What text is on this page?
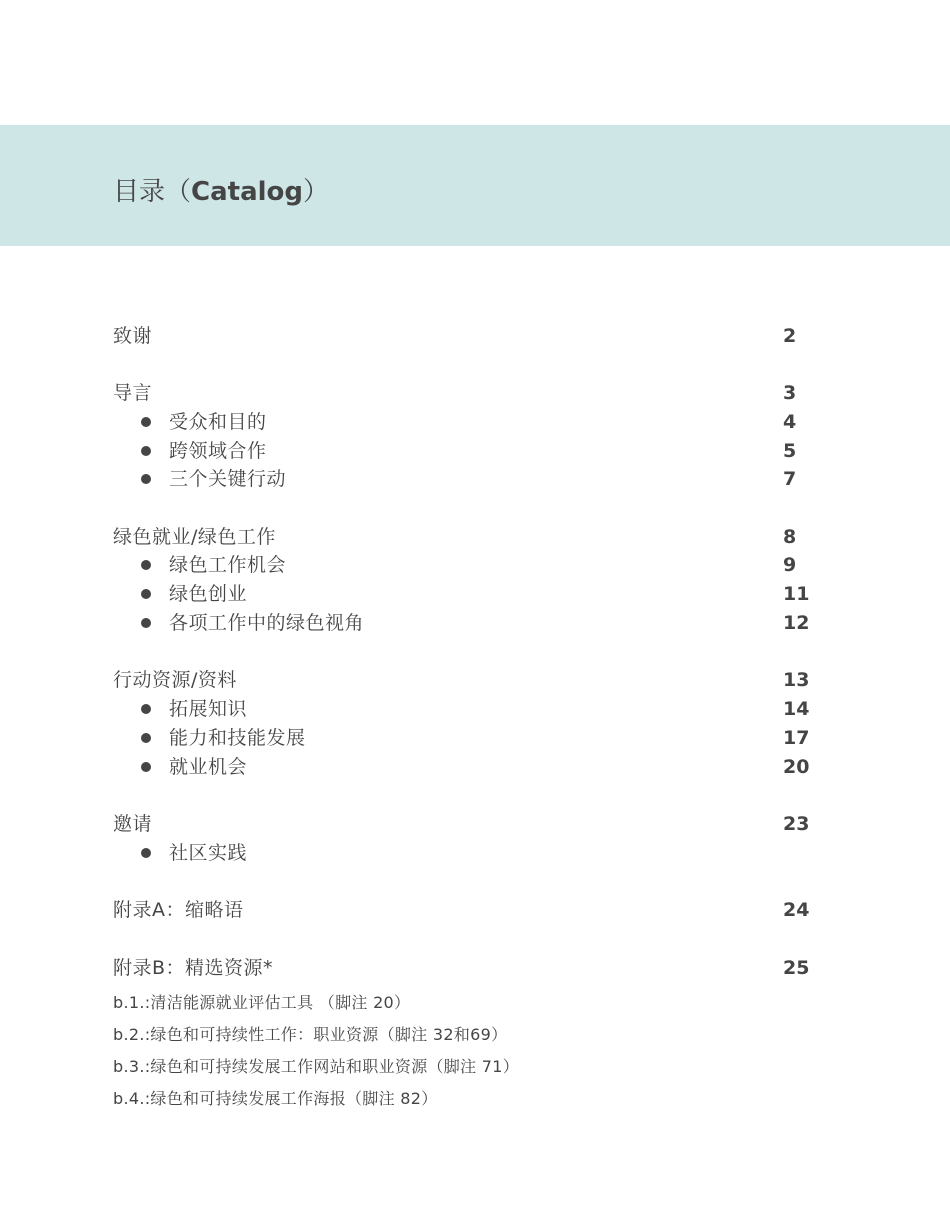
目录（Catalog）
致谢	2
导言	3
受众和目的	4
跨领域合作	5
三个关键行动	7
绿色就业/绿色工作	8
绿色工作机会	9
绿色创业	11
各项工作中的绿色视角	12
行动资源/资料	13
拓展知识	14
能力和技能发展	17
就业机会	20
邀请	23
社区实践
附录A：缩略语	24
附录B：精选资源*	25
b.1.:清洁能源就业评估工具 （脚注 20）
b.2.:绿色和可持续性工作：职业资源（脚注 32和69）
b.3.:绿色和可持续发展工作网站和职业资源（脚注 71）
b.4.:绿色和可持续发展工作海报（脚注 82）
